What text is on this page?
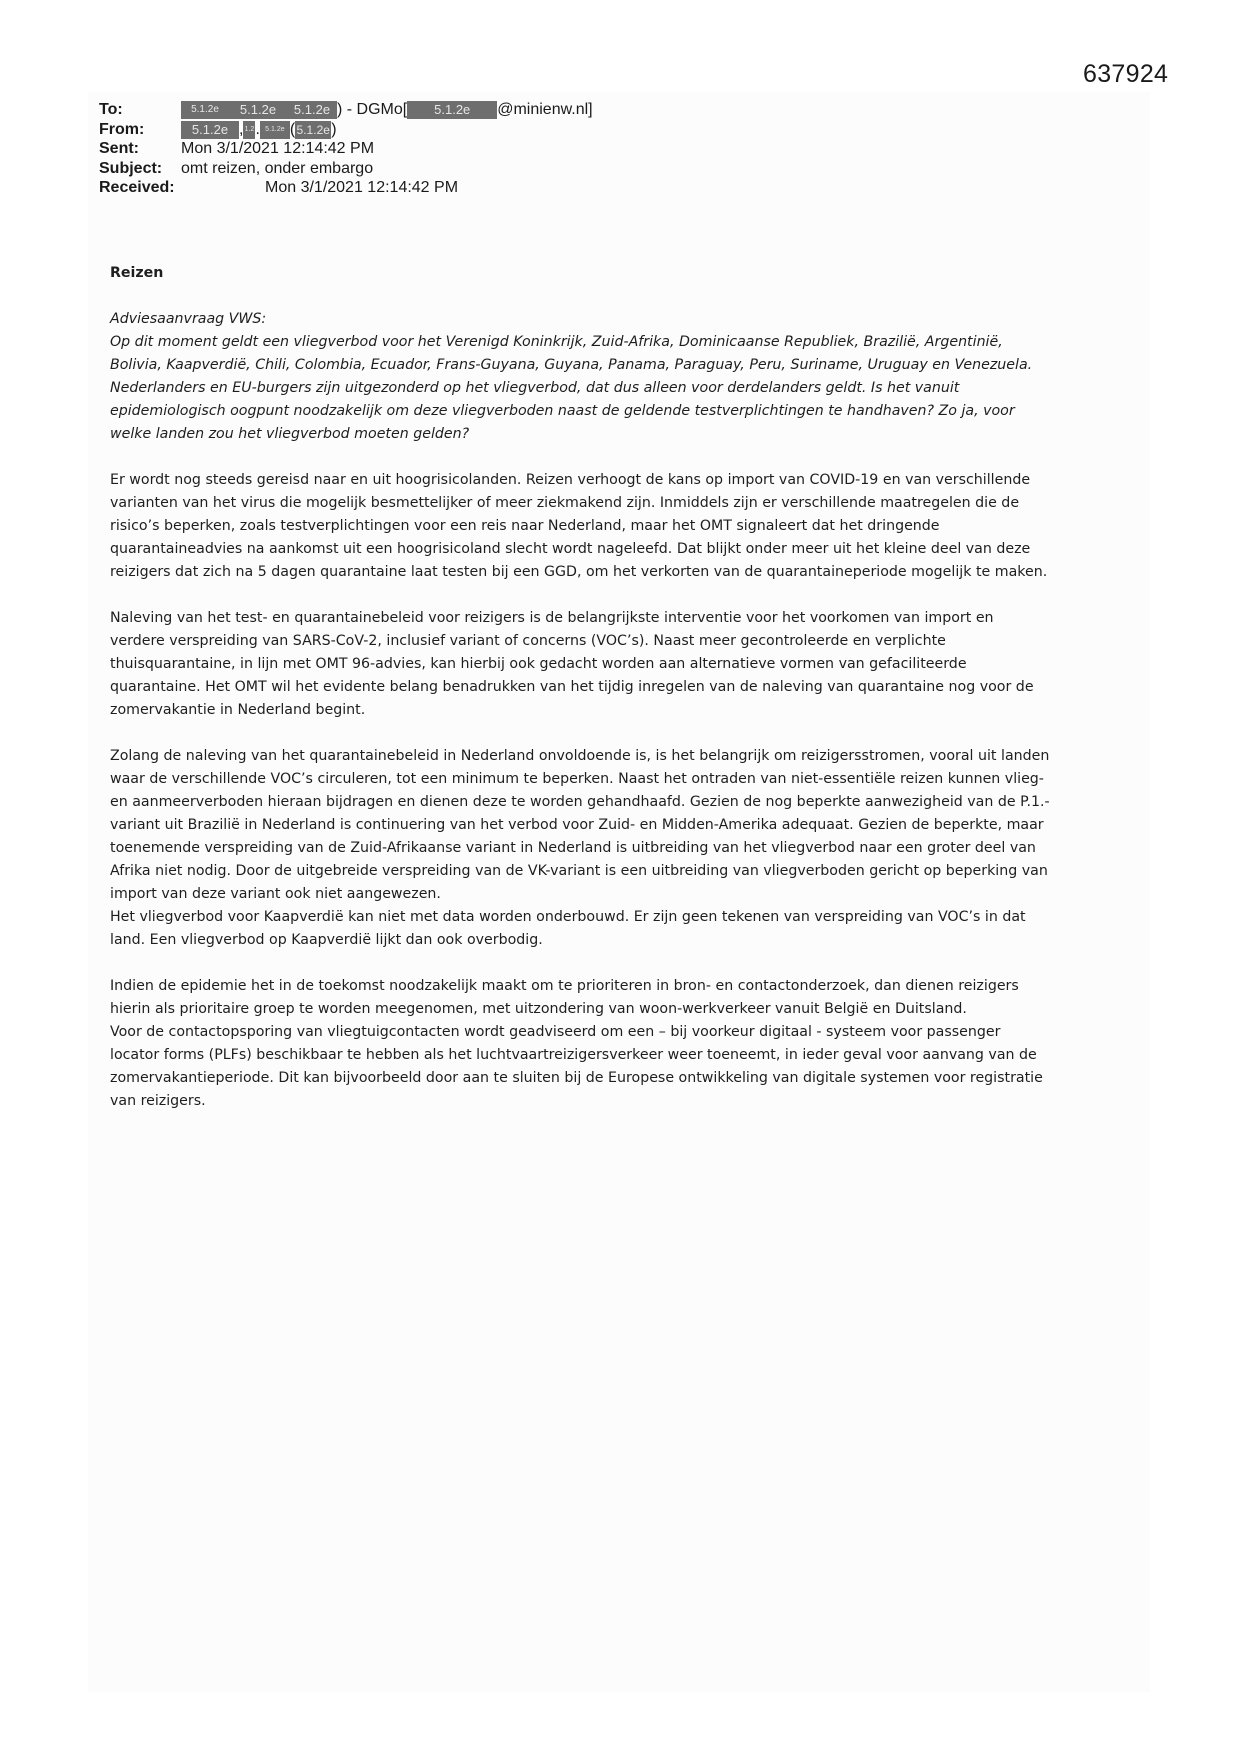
637924
To:	5.1.2e 5.1.2e 5.1.2e ) - DGMo[ 5.1.2e @minienw.nl]
From:	5.1.2e ,1.2. 5.1.2e (5.1.2e)
Sent:	Mon 3/1/2021 12:14:42 PM
Subject:	omt reizen, onder embargo
Received:	Mon 3/1/2021 12:14:42 PM

Reizen

Adviesaanvraag VWS:
Op dit moment geldt een vliegverbod voor het Verenigd Koninkrijk, Zuid-Afrika, Dominicaanse Republiek, Brazilië, Argentinië,
Bolivia, Kaapverdië, Chili, Colombia, Ecuador, Frans-Guyana, Guyana, Panama, Paraguay, Peru, Suriname, Uruguay en Venezuela.
Nederlanders en EU-burgers zijn uitgezonderd op het vliegverbod, dat dus alleen voor derdelanders geldt. Is het vanuit
epidemiologisch oogpunt noodzakelijk om deze vliegverboden naast de geldende testverplichtingen te handhaven? Zo ja, voor
welke landen zou het vliegverbod moeten gelden?

Er wordt nog steeds gereisd naar en uit hoogrisicolanden. Reizen verhoogt de kans op import van COVID-19 en van verschillende
varianten van het virus die mogelijk besmettelijker of meer ziekmakend zijn. Inmiddels zijn er verschillende maatregelen die de
risico’s beperken, zoals testverplichtingen voor een reis naar Nederland, maar het OMT signaleert dat het dringende
quarantaineadvies na aankomst uit een hoogrisicoland slecht wordt nageleefd. Dat blijkt onder meer uit het kleine deel van deze
reizigers dat zich na 5 dagen quarantaine laat testen bij een GGD, om het verkorten van de quarantaineperiode mogelijk te maken.

Naleving van het test- en quarantainebeleid voor reizigers is de belangrijkste interventie voor het voorkomen van import en
verdere verspreiding van SARS-CoV-2, inclusief variant of concerns (VOC’s). Naast meer gecontroleerde en verplichte
thuisquarantaine, in lijn met OMT 96-advies, kan hierbij ook gedacht worden aan alternatieve vormen van gefaciliteerde
quarantaine. Het OMT wil het evidente belang benadrukken van het tijdig inregelen van de naleving van quarantaine nog voor de
zomervakantie in Nederland begint.

Zolang de naleving van het quarantainebeleid in Nederland onvoldoende is, is het belangrijk om reizigersstromen, vooral uit landen
waar de verschillende VOC’s circuleren, tot een minimum te beperken. Naast het ontraden van niet-essentiële reizen kunnen vlieg-
en aanmeerverboden hieraan bijdragen en dienen deze te worden gehandhaafd. Gezien de nog beperkte aanwezigheid van de P.1.-
variant uit Brazilië in Nederland is continuering van het verbod voor Zuid- en Midden-Amerika adequaat. Gezien de beperkte, maar
toenemende verspreiding van de Zuid-Afrikaanse variant in Nederland is uitbreiding van het vliegverbod naar een groter deel van
Afrika niet nodig. Door de uitgebreide verspreiding van de VK-variant is een uitbreiding van vliegverboden gericht op beperking van
import van deze variant ook niet aangewezen.
Het vliegverbod voor Kaapverdië kan niet met data worden onderbouwd. Er zijn geen tekenen van verspreiding van VOC’s in dat
land. Een vliegverbod op Kaapverdië lijkt dan ook overbodig.

Indien de epidemie het in de toekomst noodzakelijk maakt om te prioriteren in bron- en contactonderzoek, dan dienen reizigers
hierin als prioritaire groep te worden meegenomen, met uitzondering van woon-werkverkeer vanuit België en Duitsland.
Voor de contactopsporing van vliegtuigcontacten wordt geadviseerd om een – bij voorkeur digitaal - systeem voor passenger
locator forms (PLFs) beschikbaar te hebben als het luchtvaartreizigersverkeer weer toeneemt, in ieder geval voor aanvang van de
zomervakantieperiode. Dit kan bijvoorbeeld door aan te sluiten bij de Europese ontwikkeling van digitale systemen voor registratie
van reizigers.
